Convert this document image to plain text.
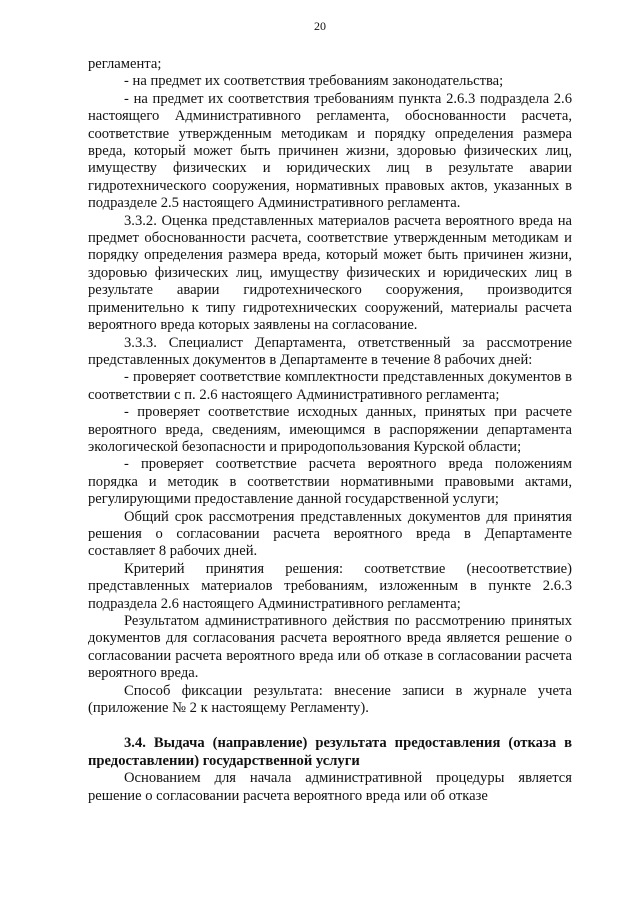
20

регламента;

- на предмет их соответствия требованиям законодательства;

- на предмет их соответствия требованиям пункта 2.6.3 подраздела 2.6 настоящего Административного регламента, обоснованности расчета, соответствие утвержденным методикам и порядку определения размера вреда, который может быть причинен жизни, здоровью физических лиц, имуществу физических и юридических лиц в результате аварии гидротехнического сооружения, нормативных правовых актов, указанных в подразделе 2.5 настоящего Административного регламента.

3.3.2. Оценка представленных материалов расчета вероятного вреда на предмет обоснованности расчета, соответствие утвержденным методикам и порядку определения размера вреда, который может быть причинен жизни, здоровью физических лиц, имуществу физических и юридических лиц в результате аварии гидротехнического сооружения, производится применительно к типу гидротехнических сооружений, материалы расчета вероятного вреда которых заявлены на согласование.

3.3.3. Специалист Департамента, ответственный за рассмотрение представленных документов в Департаменте в течение 8 рабочих дней:

- проверяет соответствие комплектности представленных документов в соответствии с п. 2.6 настоящего Административного регламента;

- проверяет соответствие исходных данных, принятых при расчете вероятного вреда, сведениям, имеющимся в распоряжении департамента экологической безопасности и природопользования Курской области;

- проверяет соответствие расчета вероятного вреда положениям порядка и методик в соответствии нормативными правовыми актами, регулирующими предоставление данной государственной услуги;

Общий срок рассмотрения представленных документов для принятия решения о согласовании расчета вероятного вреда в Департаменте составляет 8 рабочих дней.

Критерий принятия решения: соответствие (несоответствие) представленных материалов требованиям, изложенным в пункте 2.6.3 подраздела 2.6 настоящего Административного регламента;

Результатом административного действия по рассмотрению принятых документов для согласования расчета вероятного вреда является решение о согласовании расчета вероятного вреда или об отказе в согласовании расчета вероятного вреда.

Способ фиксации результата: внесение записи в журнале учета (приложение № 2 к настоящему Регламенту).

3.4. Выдача (направление) результата предоставления (отказа в предоставлении) государственной услуги

Основанием для начала административной процедуры является решение о согласовании расчета вероятного вреда или об отказе
